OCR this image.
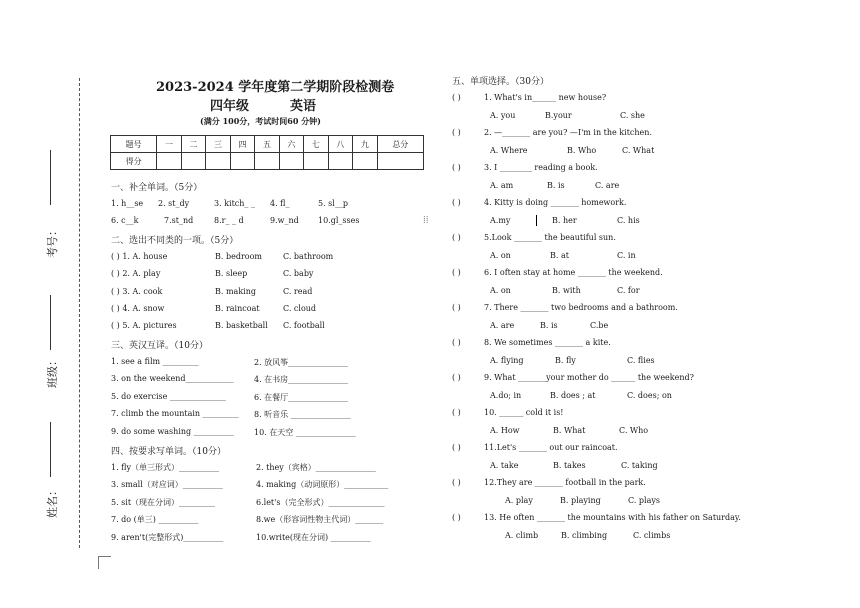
考号：
班级：
姓名：
2023-2024 学年度第二学期阶段检测卷
四年级	英语
(满分 100分，考试时间60 分钟)
题号	一	二	三	四	五	六	七	八	九	总分
得分										
一、补全单词。（5分）
⁞⁞
二、选出不同类的一项。（5分）
三、英汉互译。（10分）
四、按要求写单词。（10分）
五、单项选择。（30分）
1. h__se 2. st_dy	3. kitch_ _ 4. fl_	5. sl__p
6. c__k	7.st_nd	8.r_ _ d	9.w_nd 10.gl_sses
( ) 1. A. house	B. bedroom	C. bathroom
( ) 2. A. play	B. sleep	C. baby
( ) 3. A. cook	B. making	C. read
( ) 4. A. snow	B. raincoat	C. cloud
( ) 5. A. pictures	B. basketball C. football
1. see a film _________	2. 放风筝_______________
3. on the weekend____________	4. 在书房_______________
5. do exercise ______________	6. 在餐厅_______________
7. climb the mountain _________ 8. 听音乐 _______________
9. do some washing __________	10. 在天空 _______________
1. fly（单三形式）__________	2. they（宾格）_______________
3. small（对应词）__________	4. making（动词原形）___________
5. sit（现在分词）_________	6.let's（完全形式）______________
7. do (单三) __________	8.we（形容词性物主代词）_______
9. aren't(完整形式)__________	10.write(现在分词) __________
( )	1. What's in______ new house?
A. you	B.your	C. she
( )	2. —_______ are you? —I'm in the kitchen.
A. Where	B. Who	C. What
( )	3. I ________ reading a book.
A. am	B. is	C. are
( )	4. Kitty is doing _______ homework.
A.my	B. her	C. his
( )	5.Look _______ the beautiful sun.
A. on	B. at	C. in
( )	6. I often stay at home _______ the weekend.
A. on	B. with	C. for
( )	7. There _______ two bedrooms and a bathroom.
A. are	B. is	C.be
( )	8. We sometimes _______ a kite.
A. flying	B. fly	C. flies
( )	9. What _______your mother do ______ the weekend?
A.do; in	B. does ; at	C. does; on
( )	10. ______ cold it is!
A. How	B. What	C. Who
( )	11.Let's _______ out our raincoat.
A. take	B. takes	C. taking
( )	12.They are _______ football in the park.
A. play	B. playing	C. plays
( )	13. He often _______ the mountains with his father on Saturday.
A. climb	B. climbing	C. climbs
